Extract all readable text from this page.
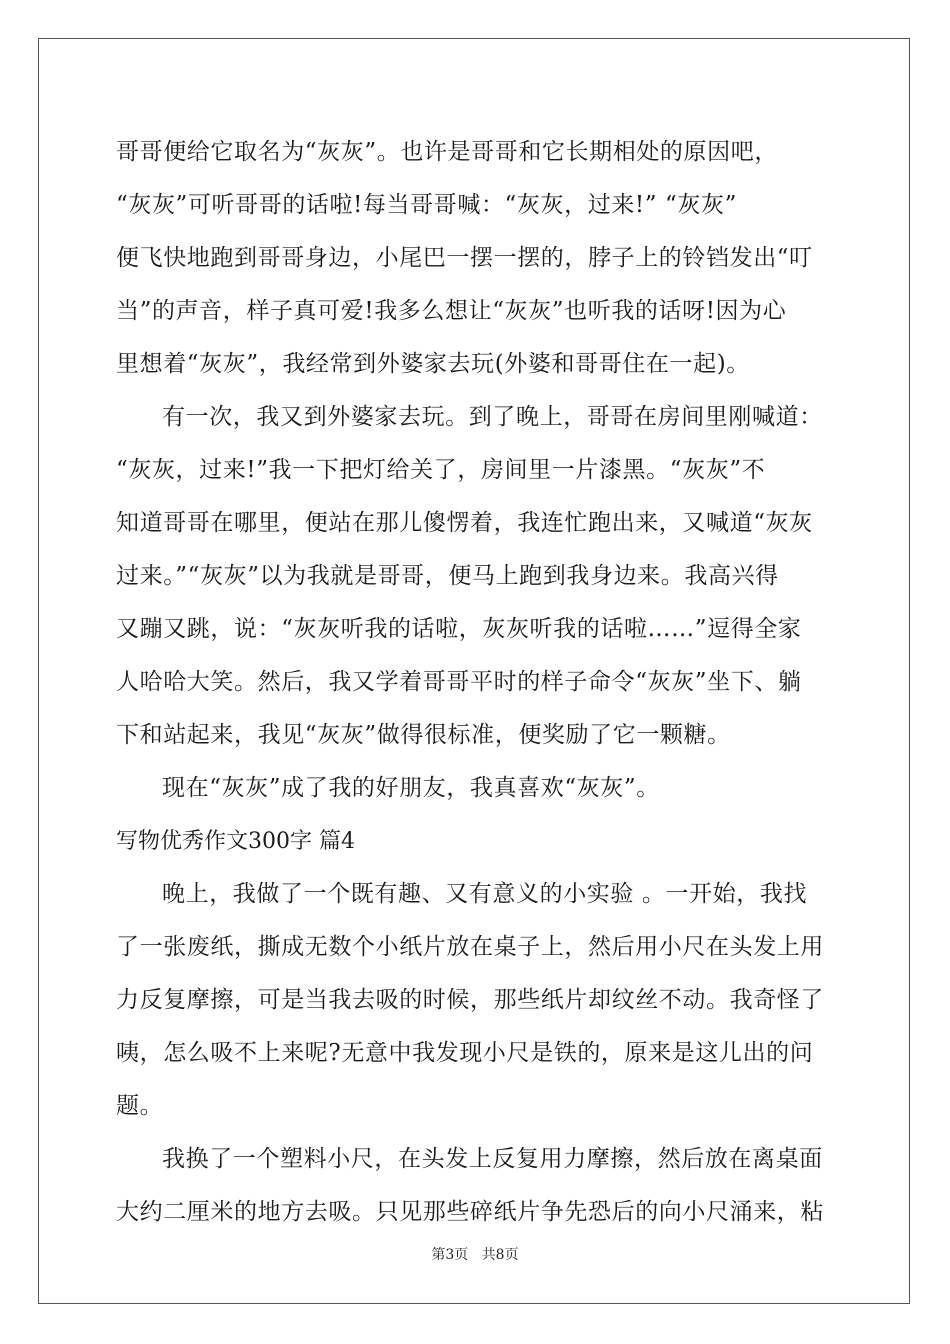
哥哥便给它取名为“灰灰”。也许是哥哥和它长期相处的原因吧，
“灰灰”可听哥哥的话啦!每当哥哥喊：“灰灰，过来!” “灰灰”
便飞快地跑到哥哥身边，小尾巴一摆一摆的，脖子上的铃铛发出“叮
当”的声音，样子真可爱!我多么想让“灰灰”也听我的话呀!因为心
里想着“灰灰”，我经常到外婆家去玩(外婆和哥哥住在一起)。
有一次，我又到外婆家去玩。到了晚上，哥哥在房间里刚喊道：
“灰灰，过来!”我一下把灯给关了，房间里一片漆黑。“灰灰”不
知道哥哥在哪里，便站在那儿傻愣着，我连忙跑出来，又喊道“灰灰
过来。”“灰灰”以为我就是哥哥，便马上跑到我身边来。我高兴得
又蹦又跳，说：“灰灰听我的话啦，灰灰听我的话啦……”逗得全家
人哈哈大笑。然后，我又学着哥哥平时的样子命令“灰灰”坐下、躺
下和站起来，我见“灰灰”做得很标准，便奖励了它一颗糖。
现在“灰灰”成了我的好朋友，我真喜欢“灰灰”。
写物优秀作文300字 篇4
晚上，我做了一个既有趣、又有意义的小实验 。一开始，我找
了一张废纸，撕成无数个小纸片放在桌子上，然后用小尺在头发上用
力反复摩擦，可是当我去吸的时候，那些纸片却纹丝不动。我奇怪了
咦，怎么吸不上来呢?无意中我发现小尺是铁的，原来是这儿出的问
题。
我换了一个塑料小尺，在头发上反复用力摩擦，然后放在离桌面
大约二厘米的地方去吸。只见那些碎纸片争先恐后的向小尺涌来，粘
第3页 共8页
